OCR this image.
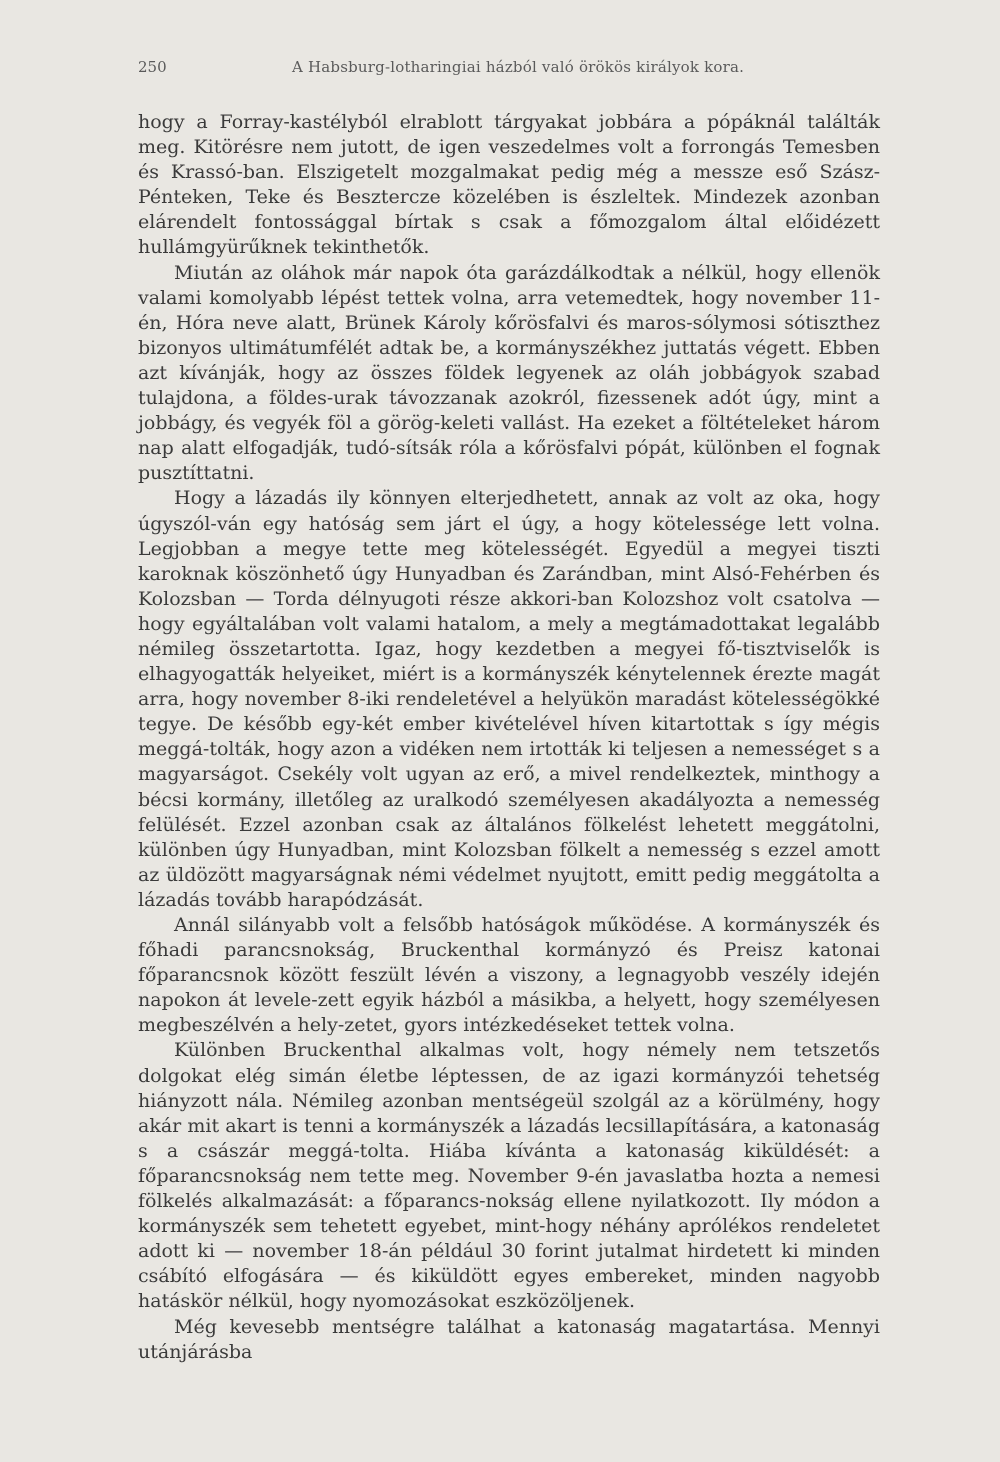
250	A Habsburg-lotharingiai házból való örökös királyok kora.

hogy a Forray-kastélyból elrablott tárgyakat jobbára a pópáknál találták meg. Kitörésre nem jutott, de igen veszedelmes volt a forrongás Temesben és Krassó-ban. Elszigetelt mozgalmakat pedig még a messze eső Szász-Pénteken, Teke és Besztercze közelében is észleltek. Mindezek azonban elárendelt fontossággal bírtak s csak a főmozgalom által előidézett hullámgyürűknek tekinthetők.

Miután az oláhok már napok óta garázdálkodtak a nélkül, hogy ellenök valami komolyabb lépést tettek volna, arra vetemedtek, hogy november 11-én, Hóra neve alatt, Brünek Károly kőrösfalvi és maros-sólymosi sótiszthez bizonyos ultimátumfélét adtak be, a kormányszékhez juttatás végett. Ebben azt kívánják, hogy az összes földek legyenek az oláh jobbágyok szabad tulajdona, a földes-urak távozzanak azokról, fizessenek adót úgy, mint a jobbágy, és vegyék föl a görög-keleti vallást. Ha ezeket a föltételeket három nap alatt elfogadják, tudó-sítsák róla a kőrösfalvi pópát, különben el fognak pusztíttatni.

Hogy a lázadás ily könnyen elterjedhetett, annak az volt az oka, hogy úgyszól-ván egy hatóság sem járt el úgy, a hogy kötelessége lett volna. Legjobban a megye tette meg kötelességét. Egyedül a megyei tiszti karoknak köszönhető úgy Hunyadban és Zarándban, mint Alsó-Fehérben és Kolozsban — Torda délnyugoti része akkori-ban Kolozshoz volt csatolva — hogy egyáltalában volt valami hatalom, a mely a megtámadottakat legalább némileg összetartotta. Igaz, hogy kezdetben a megyei fő-tisztviselők is elhagyogatták helyeiket, miért is a kormányszék kénytelennek érezte magát arra, hogy november 8-iki rendeletével a helyükön maradást kötelességökké tegye. De később egy-két ember kivételével híven kitartottak s így mégis meggá-tolták, hogy azon a vidéken nem irtották ki teljesen a nemességet s a magyarságot. Csekély volt ugyan az erő, a mivel rendelkeztek, minthogy a bécsi kormány, illetőleg az uralkodó személyesen akadályozta a nemesség felülését. Ezzel azonban csak az általános fölkelést lehetett meggátolni, különben úgy Hunyadban, mint Kolozsban fölkelt a nemesség s ezzel amott az üldözött magyarságnak némi védelmet nyujtott, emitt pedig meggátolta a lázadás tovább harapódzását.

Annál silányabb volt a felsőbb hatóságok működése. A kormányszék és főhadi parancsnokság, Bruckenthal kormányzó és Preisz katonai főparancsnok között feszült lévén a viszony, a legnagyobb veszély idején napokon át levele-zett egyik házból a másikba, a helyett, hogy személyesen megbeszélvén a hely-zetet, gyors intézkedéseket tettek volna.

Különben Bruckenthal alkalmas volt, hogy némely nem tetszetős dolgokat elég simán életbe léptessen, de az igazi kormányzói tehetség hiányzott nála. Némileg azonban mentségeül szolgál az a körülmény, hogy akár mit akart is tenni a kormányszék a lázadás lecsillapítására, a katonaság s a császár meggá-tolta. Hiába kívánta a katonaság kiküldését: a főparancsnokság nem tette meg. November 9-én javaslatba hozta a nemesi fölkelés alkalmazását: a főparancs-nokság ellene nyilatkozott. Ily módon a kormányszék sem tehetett egyebet, mint-hogy néhány aprólékos rendeletet adott ki — november 18-án például 30 forint jutalmat hirdetett ki minden csábító elfogására — és kiküldött egyes embereket, minden nagyobb hatáskör nélkül, hogy nyomozásokat eszközöljenek.

Még kevesebb mentségre találhat a katonaság magatartása. Mennyi utánjárásba
